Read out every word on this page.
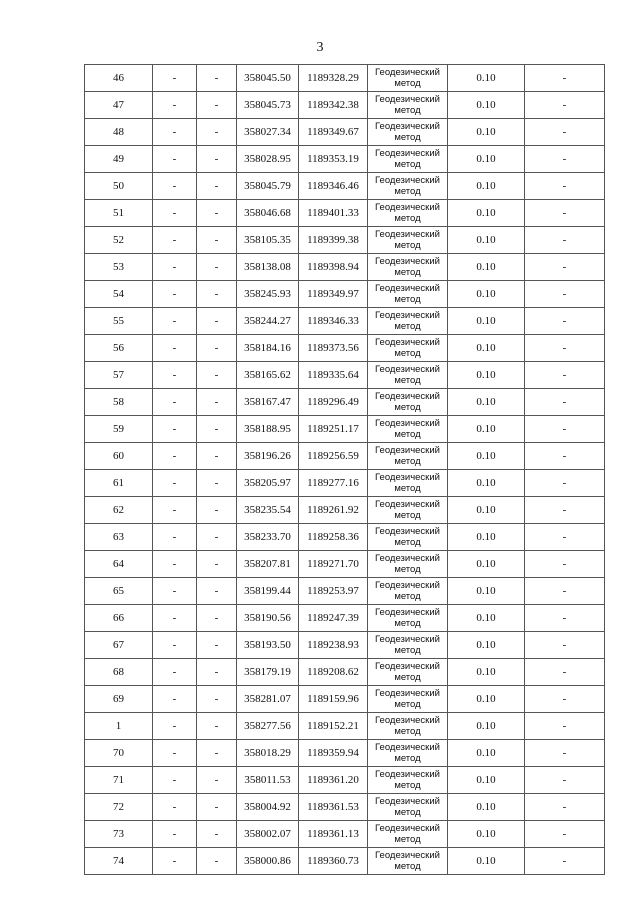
3
46	-	-	358045.50	1189328.29	Геодезический метод	0.10	-
47	-	-	358045.73	1189342.38	Геодезический метод	0.10	-
48	-	-	358027.34	1189349.67	Геодезический метод	0.10	-
49	-	-	358028.95	1189353.19	Геодезический метод	0.10	-
50	-	-	358045.79	1189346.46	Геодезический метод	0.10	-
51	-	-	358046.68	1189401.33	Геодезический метод	0.10	-
52	-	-	358105.35	1189399.38	Геодезический метод	0.10	-
53	-	-	358138.08	1189398.94	Геодезический метод	0.10	-
54	-	-	358245.93	1189349.97	Геодезический метод	0.10	-
55	-	-	358244.27	1189346.33	Геодезический метод	0.10	-
56	-	-	358184.16	1189373.56	Геодезический метод	0.10	-
57	-	-	358165.62	1189335.64	Геодезический метод	0.10	-
58	-	-	358167.47	1189296.49	Геодезический метод	0.10	-
59	-	-	358188.95	1189251.17	Геодезический метод	0.10	-
60	-	-	358196.26	1189256.59	Геодезический метод	0.10	-
61	-	-	358205.97	1189277.16	Геодезический метод	0.10	-
62	-	-	358235.54	1189261.92	Геодезический метод	0.10	-
63	-	-	358233.70	1189258.36	Геодезический метод	0.10	-
64	-	-	358207.81	1189271.70	Геодезический метод	0.10	-
65	-	-	358199.44	1189253.97	Геодезический метод	0.10	-
66	-	-	358190.56	1189247.39	Геодезический метод	0.10	-
67	-	-	358193.50	1189238.93	Геодезический метод	0.10	-
68	-	-	358179.19	1189208.62	Геодезический метод	0.10	-
69	-	-	358281.07	1189159.96	Геодезический метод	0.10	-
1	-	-	358277.56	1189152.21	Геодезический метод	0.10	-
70	-	-	358018.29	1189359.94	Геодезический метод	0.10	-
71	-	-	358011.53	1189361.20	Геодезический метод	0.10	-
72	-	-	358004.92	1189361.53	Геодезический метод	0.10	-
73	-	-	358002.07	1189361.13	Геодезический метод	0.10	-
74	-	-	358000.86	1189360.73	Геодезический метод	0.10	-
